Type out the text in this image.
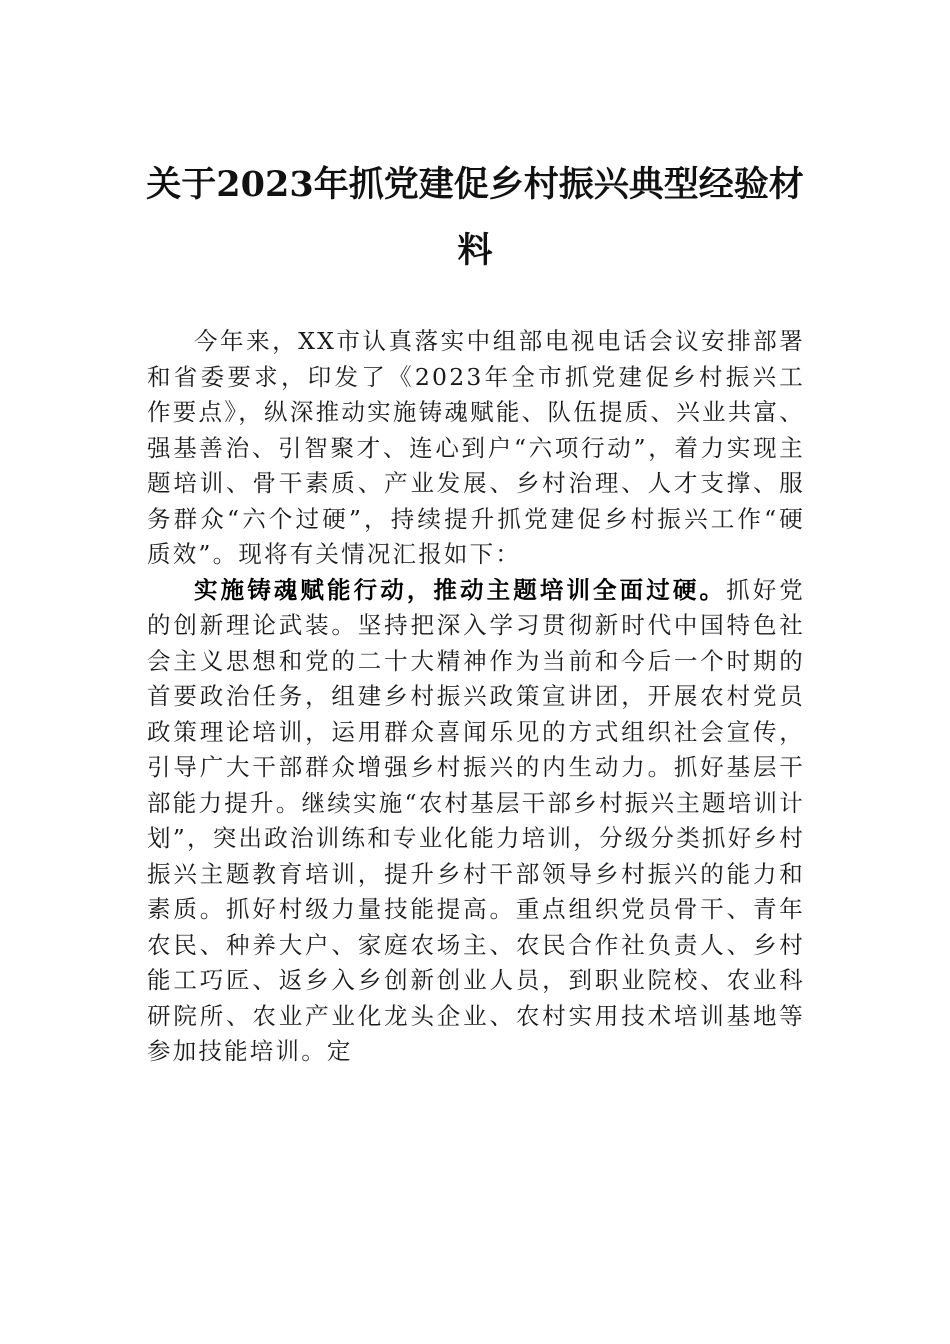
关于2023年抓党建促乡村振兴典型经验材料

今年来，XX市认真落实中组部电视电话会议安排部署和省委要求，印发了《2023年全市抓党建促乡村振兴工作要点》，纵深推动实施铸魂赋能、队伍提质、兴业共富、强基善治、引智聚才、连心到户“六项行动”，着力实现主题培训、骨干素质、产业发展、乡村治理、人才支撑、服务群众“六个过硬”，持续提升抓党建促乡村振兴工作“硬质效”。现将有关情况汇报如下：

实施铸魂赋能行动，推动主题培训全面过硬。抓好党的创新理论武装。坚持把深入学习贯彻新时代中国特色社会主义思想和党的二十大精神作为当前和今后一个时期的首要政治任务，组建乡村振兴政策宣讲团，开展农村党员政策理论培训，运用群众喜闻乐见的方式组织社会宣传，引导广大干部群众增强乡村振兴的内生动力。抓好基层干部能力提升。继续实施“农村基层干部乡村振兴主题培训计划”，突出政治训练和专业化能力培训，分级分类抓好乡村振兴主题教育培训，提升乡村干部领导乡村振兴的能力和素质。抓好村级力量技能提高。重点组织党员骨干、青年农民、种养大户、家庭农场主、农民合作社负责人、乡村能工巧匠、返乡入乡创新创业人员，到职业院校、农业科研院所、农业产业化龙头企业、农村实用技术培训基地等参加技能培训。定
